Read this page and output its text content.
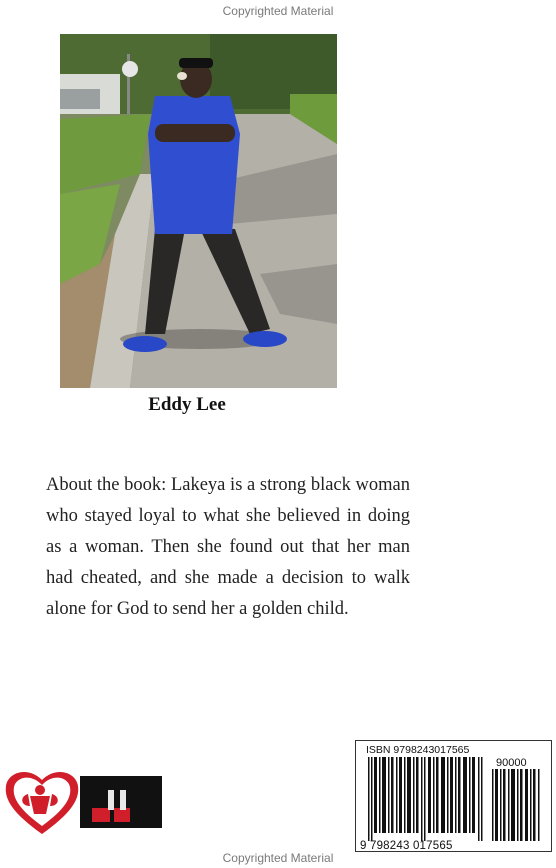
Copyrighted Material
Eddy Lee
About the book: Lakeya is a strong black woman who stayed loyal to what she believed in doing as a woman. Then she found out that her man had cheated, and she made a decision to walk alone for God to send her a golden child.
ISBN 9798243017565
90000
9 798243 017565
Copyrighted Material
